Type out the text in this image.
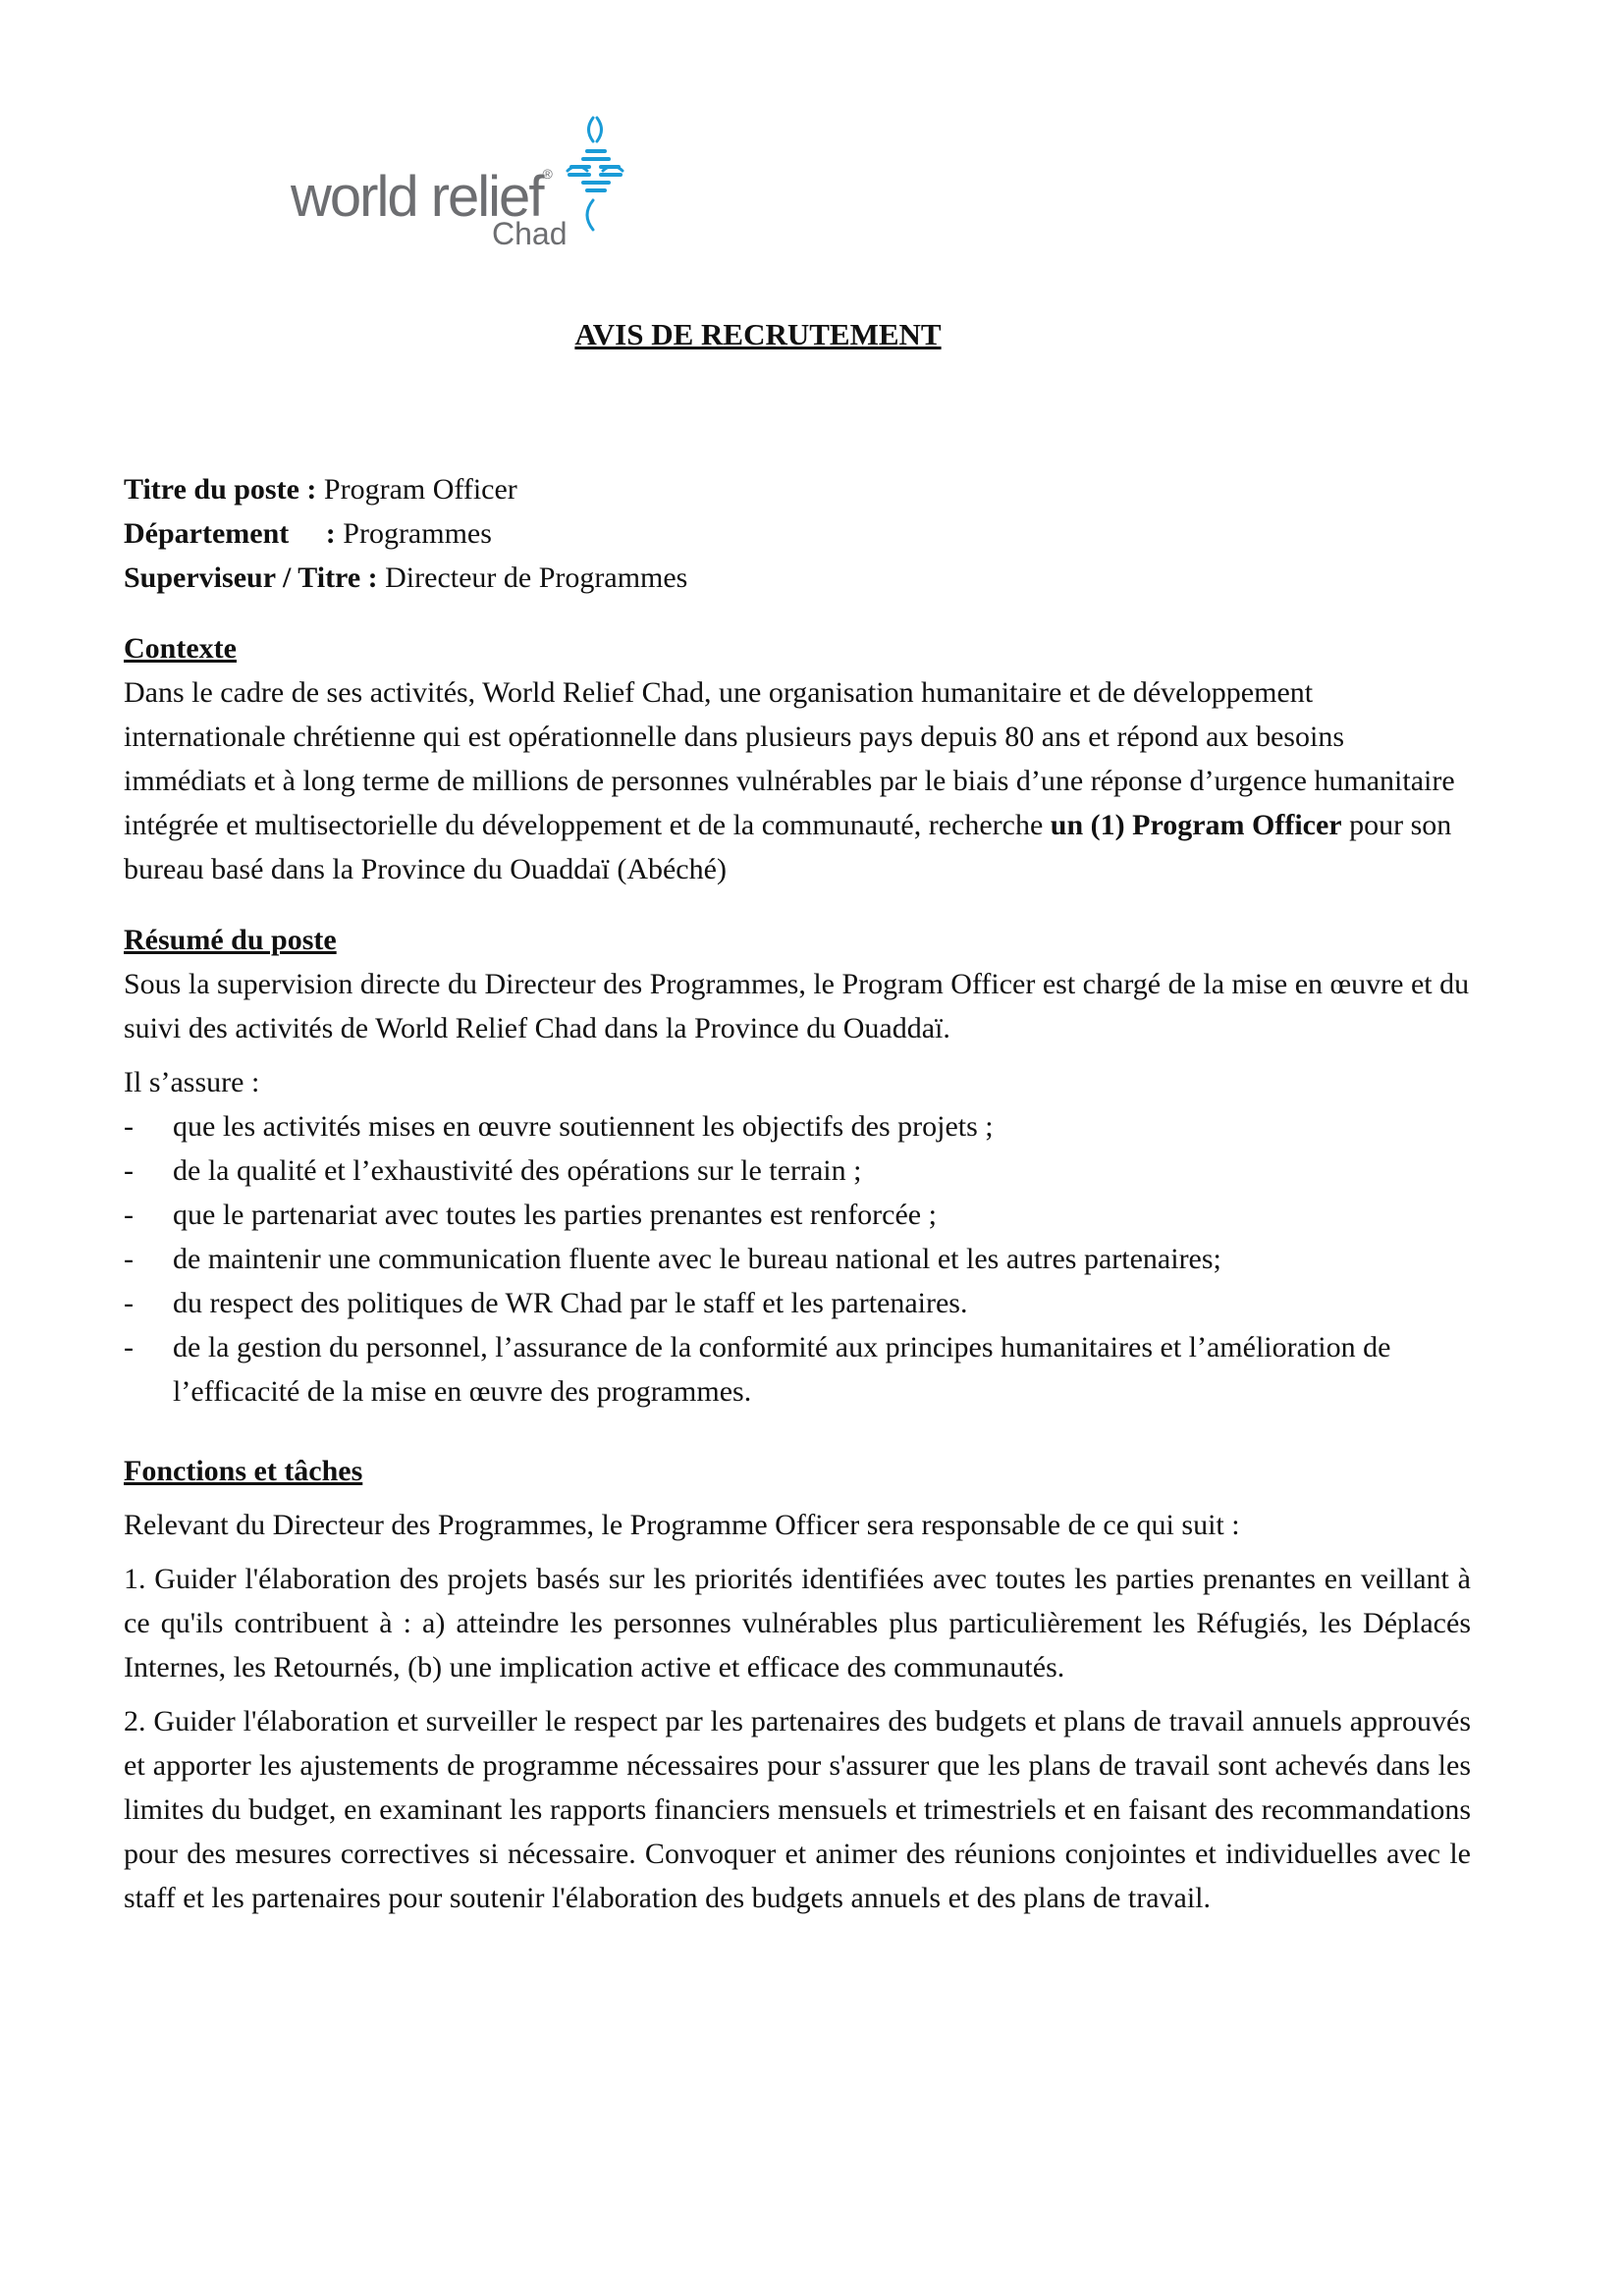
world relief®
Chad
AVIS DE RECRUTEMENT

Titre du poste : Program Officer

Département     : Programmes

Superviseur / Titre : Directeur de Programmes

Contexte

Dans le cadre de ses activités, World Relief Chad, une organisation humanitaire et de développement internationale chrétienne qui est opérationnelle dans plusieurs pays depuis 80 ans et répond aux besoins immédiats et à long terme de millions de personnes vulnérables par le biais d’une réponse d’urgence humanitaire intégrée et multisectorielle du développement et de la communauté, recherche un (1) Program Officer pour son bureau basé dans la Province du Ouaddaï (Abéché)

Résumé du poste

Sous la supervision directe du Directeur des Programmes, le Program Officer est chargé de la mise en œuvre et du suivi des activités de World Relief Chad dans la Province du Ouaddaï.

Il s’assure :

- que les activités mises en œuvre soutiennent les objectifs des projets ;
- de la qualité et l’exhaustivité des opérations sur le terrain ;
- que le partenariat avec toutes les parties prenantes est renforcée ;
- de maintenir une communication fluente avec le bureau national et les autres partenaires;
- du respect des politiques de WR Chad par le staff et les partenaires.
- de la gestion du personnel, l’assurance de la conformité aux principes humanitaires et l’amélioration de l’efficacité de la mise en œuvre des programmes.

Fonctions et tâches

Relevant du Directeur des Programmes, le Programme Officer sera responsable de ce qui suit :

1. Guider l'élaboration des projets basés sur les priorités identifiées avec toutes les parties prenantes en veillant à ce qu'ils contribuent à : a) atteindre les personnes vulnérables plus particulièrement les Réfugiés, les Déplacés Internes, les Retournés, (b) une implication active et efficace des communautés.

2. Guider l'élaboration et surveiller le respect par les partenaires des budgets et plans de travail annuels approuvés et apporter les ajustements de programme nécessaires pour s'assurer que les plans de travail sont achevés dans les limites du budget, en examinant les rapports financiers mensuels et trimestriels et en faisant des recommandations pour des mesures correctives si nécessaire. Convoquer et animer des réunions conjointes et individuelles avec le staff et les partenaires pour soutenir l'élaboration des budgets annuels et des plans de travail.
